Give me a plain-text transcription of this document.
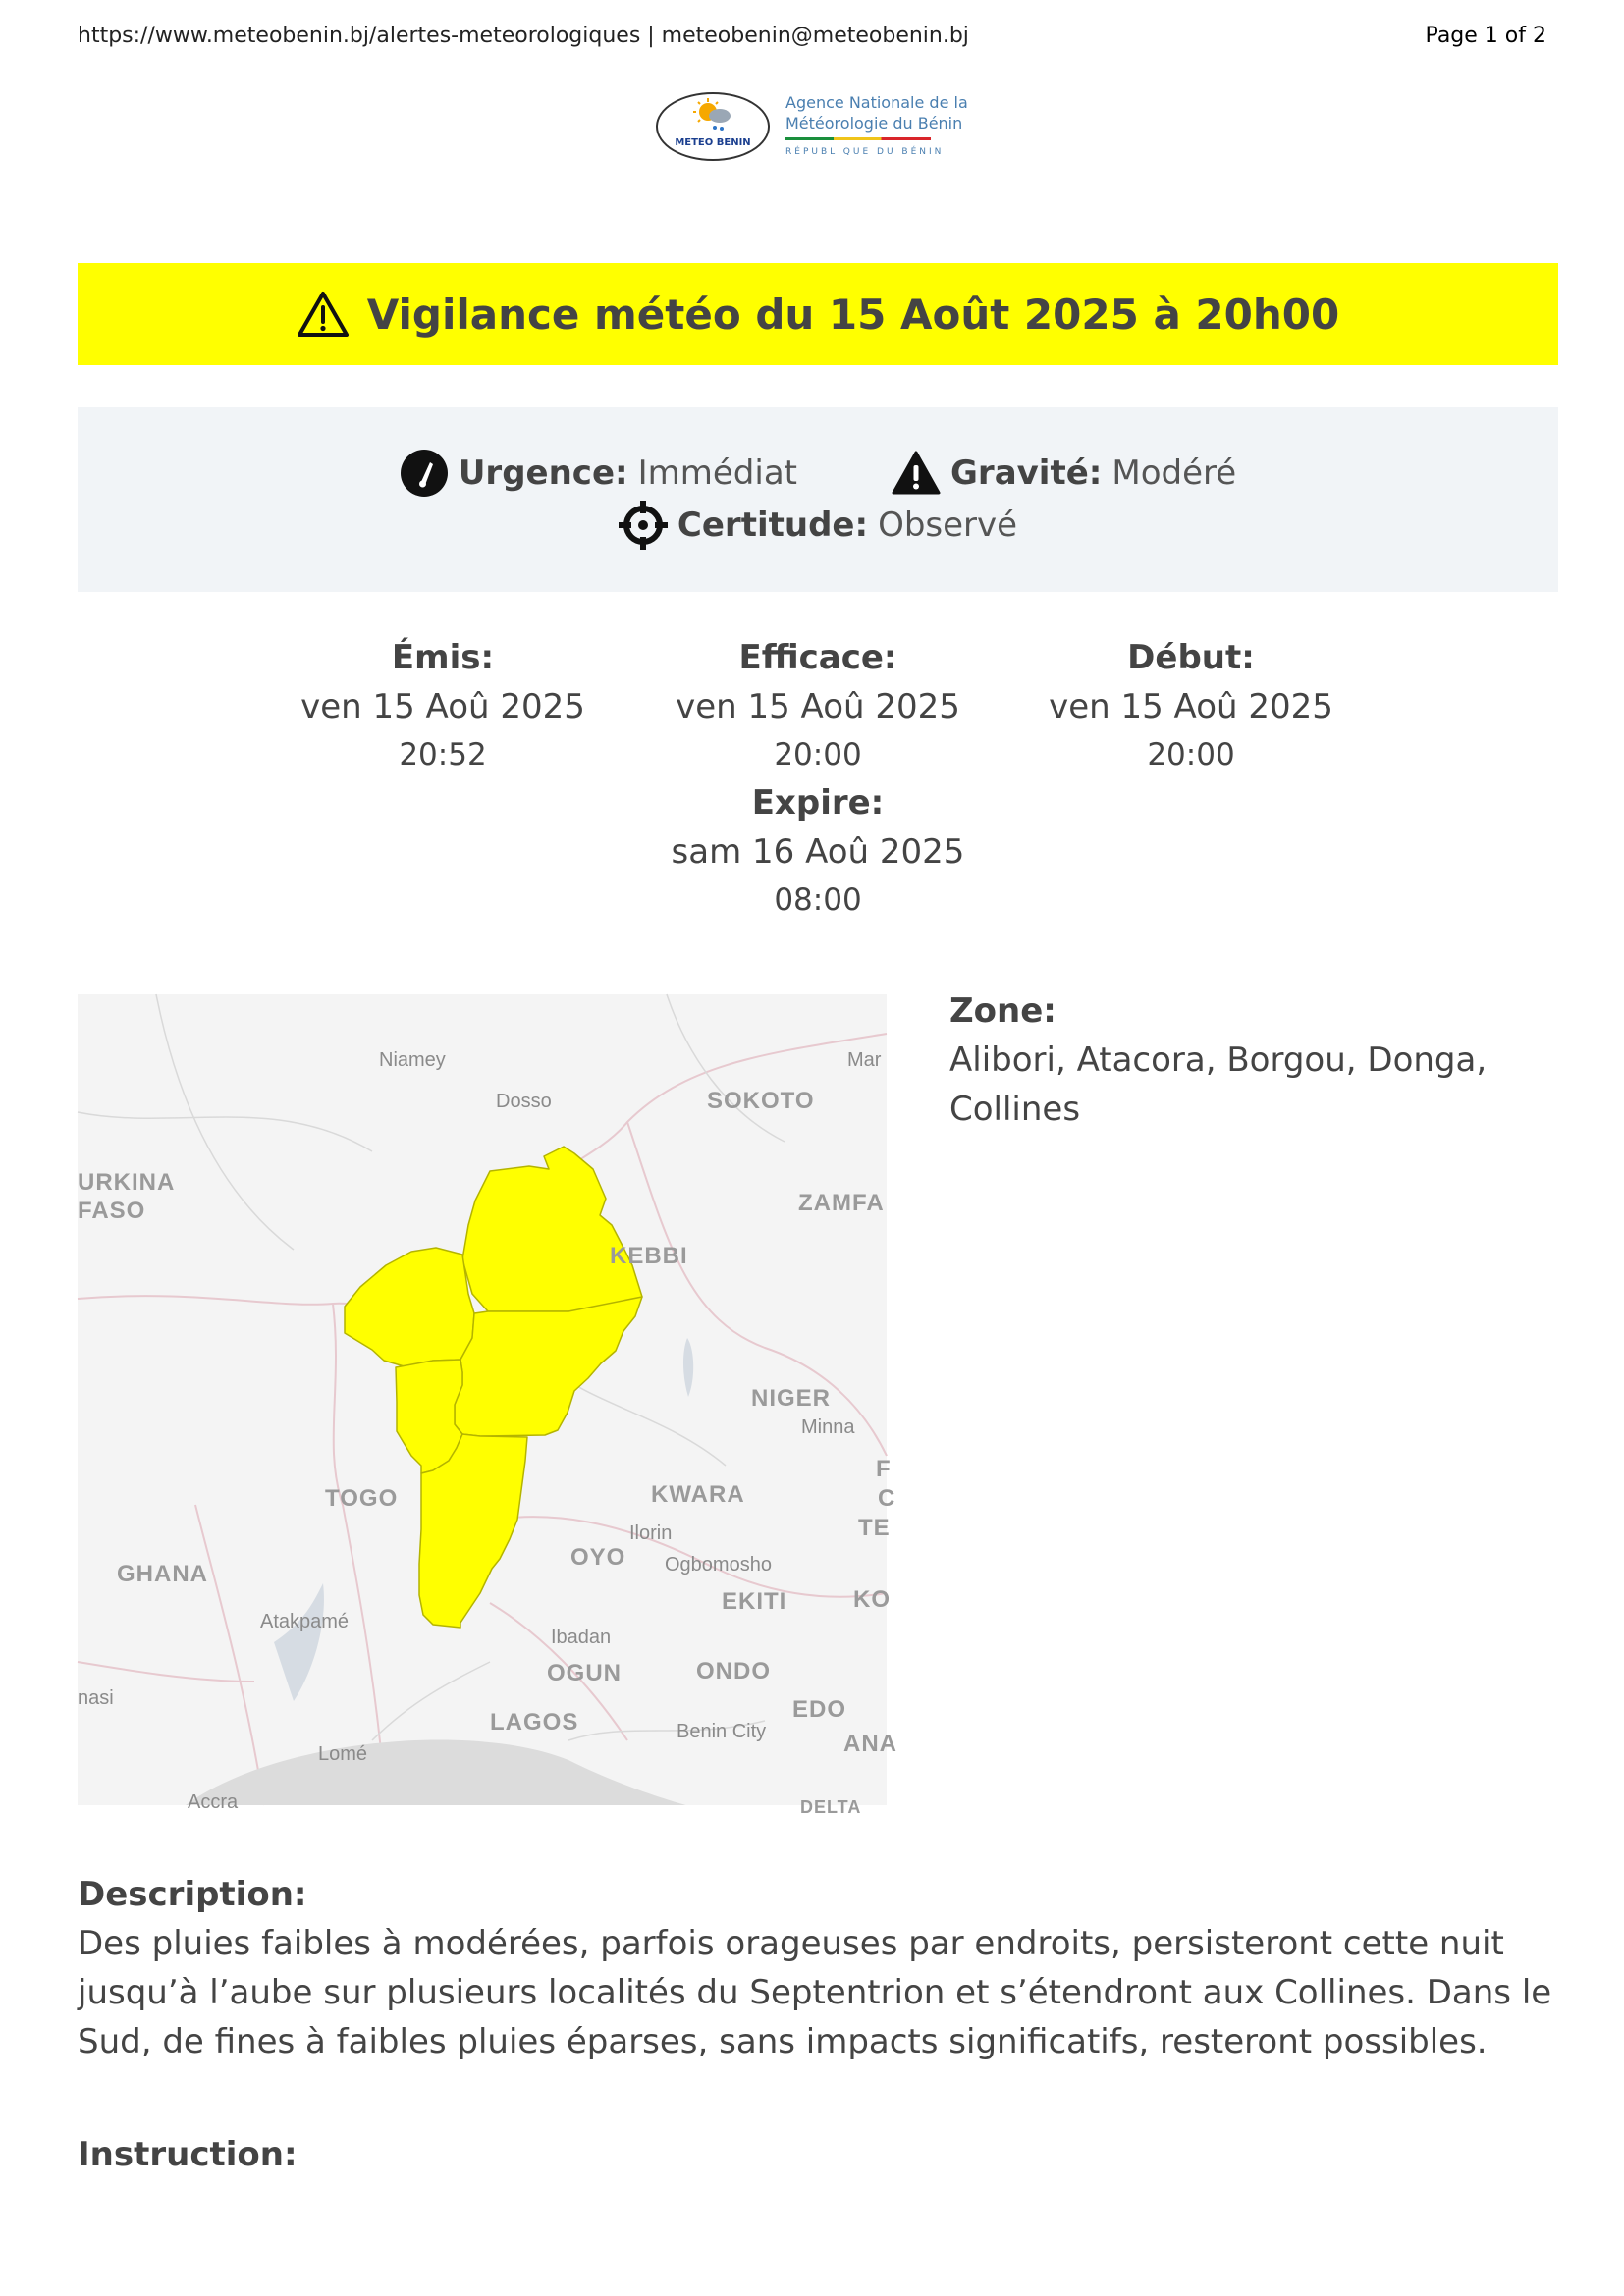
https://www.meteobenin.bj/alertes-meteorologiques | meteobenin@meteobenin.bj	Page 1 of 2
METEO BENIN
Agence Nationale de la
Météorologie du Bénin
RÉPUBLIQUE DU BÉNIN
Vigilance météo du 15 Août 2025 à 20h00
Urgence: Immédiat	Gravité: Modéré
Certitude: Observé
Émis:
ven 15 Aoû 2025
20:52
Efficace:
ven 15 Aoû 2025
20:00
Début:
ven 15 Aoû 2025
20:00
Expire:
sam 16 Aoû 2025
08:00
Niamey
Dosso
Mar
SOKOTO
URKINA
FASO	ZAMFA
KEBBI
NIGER
Minna
F
C
TE
TOGO	KWARA
Ilorin
OYO Ogbomosho
GHANA
EKITI	KO
Atakpamé
Ibadan
OGUN	ONDO
nasi	EDO
LAGOS	Benin City	ANA
Lomé
Accra	DELTA
Zone:
Alibori, Atacora, Borgou, Donga,
Collines
Description:
Des pluies faibles à modérées, parfois orageuses par endroits, persisteront cette nuit
jusqu’à l’aube sur plusieurs localités du Septentrion et s’étendront aux Collines. Dans le
Sud, de fines à faibles pluies éparses, sans impacts significatifs, resteront possibles.
Instruction:
